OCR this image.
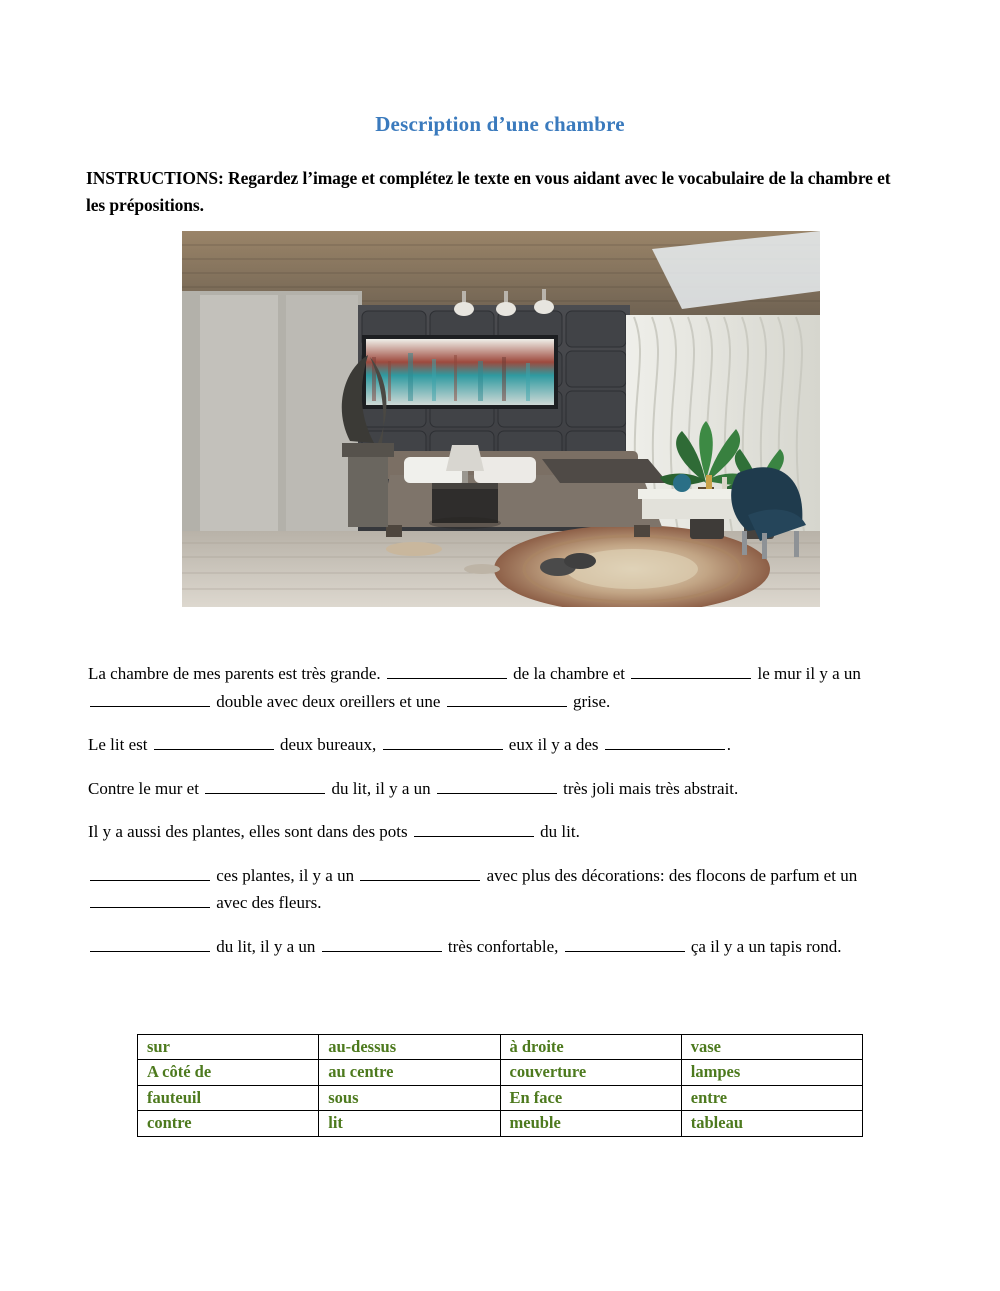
Description d’une chambre
INSTRUCTIONS: Regardez l’image et complétez le texte en vous aidant avec le vocabulaire de la chambre et les prépositions.

La chambre de mes parents est très grande.	de la chambre et	le mur il y a un  double avec deux oreillers et une	grise.

Le lit est	deux bureaux,	eux il y a des	.

Contre le mur et	du lit, il y a un	très joli mais très abstrait.

Il y a aussi des plantes, elles sont dans des pots	du lit.

ces plantes, il y a un	avec plus des décorations: des flocons de parfum et un  avec des fleurs.

du lit, il y a un	très confortable,	ça il y a un tapis rond.

sur	au-dessus	à droite	vase
A côté de	au centre	couverture	lampes
fauteuil	sous	En face	entre
contre	lit	meuble	tableau
